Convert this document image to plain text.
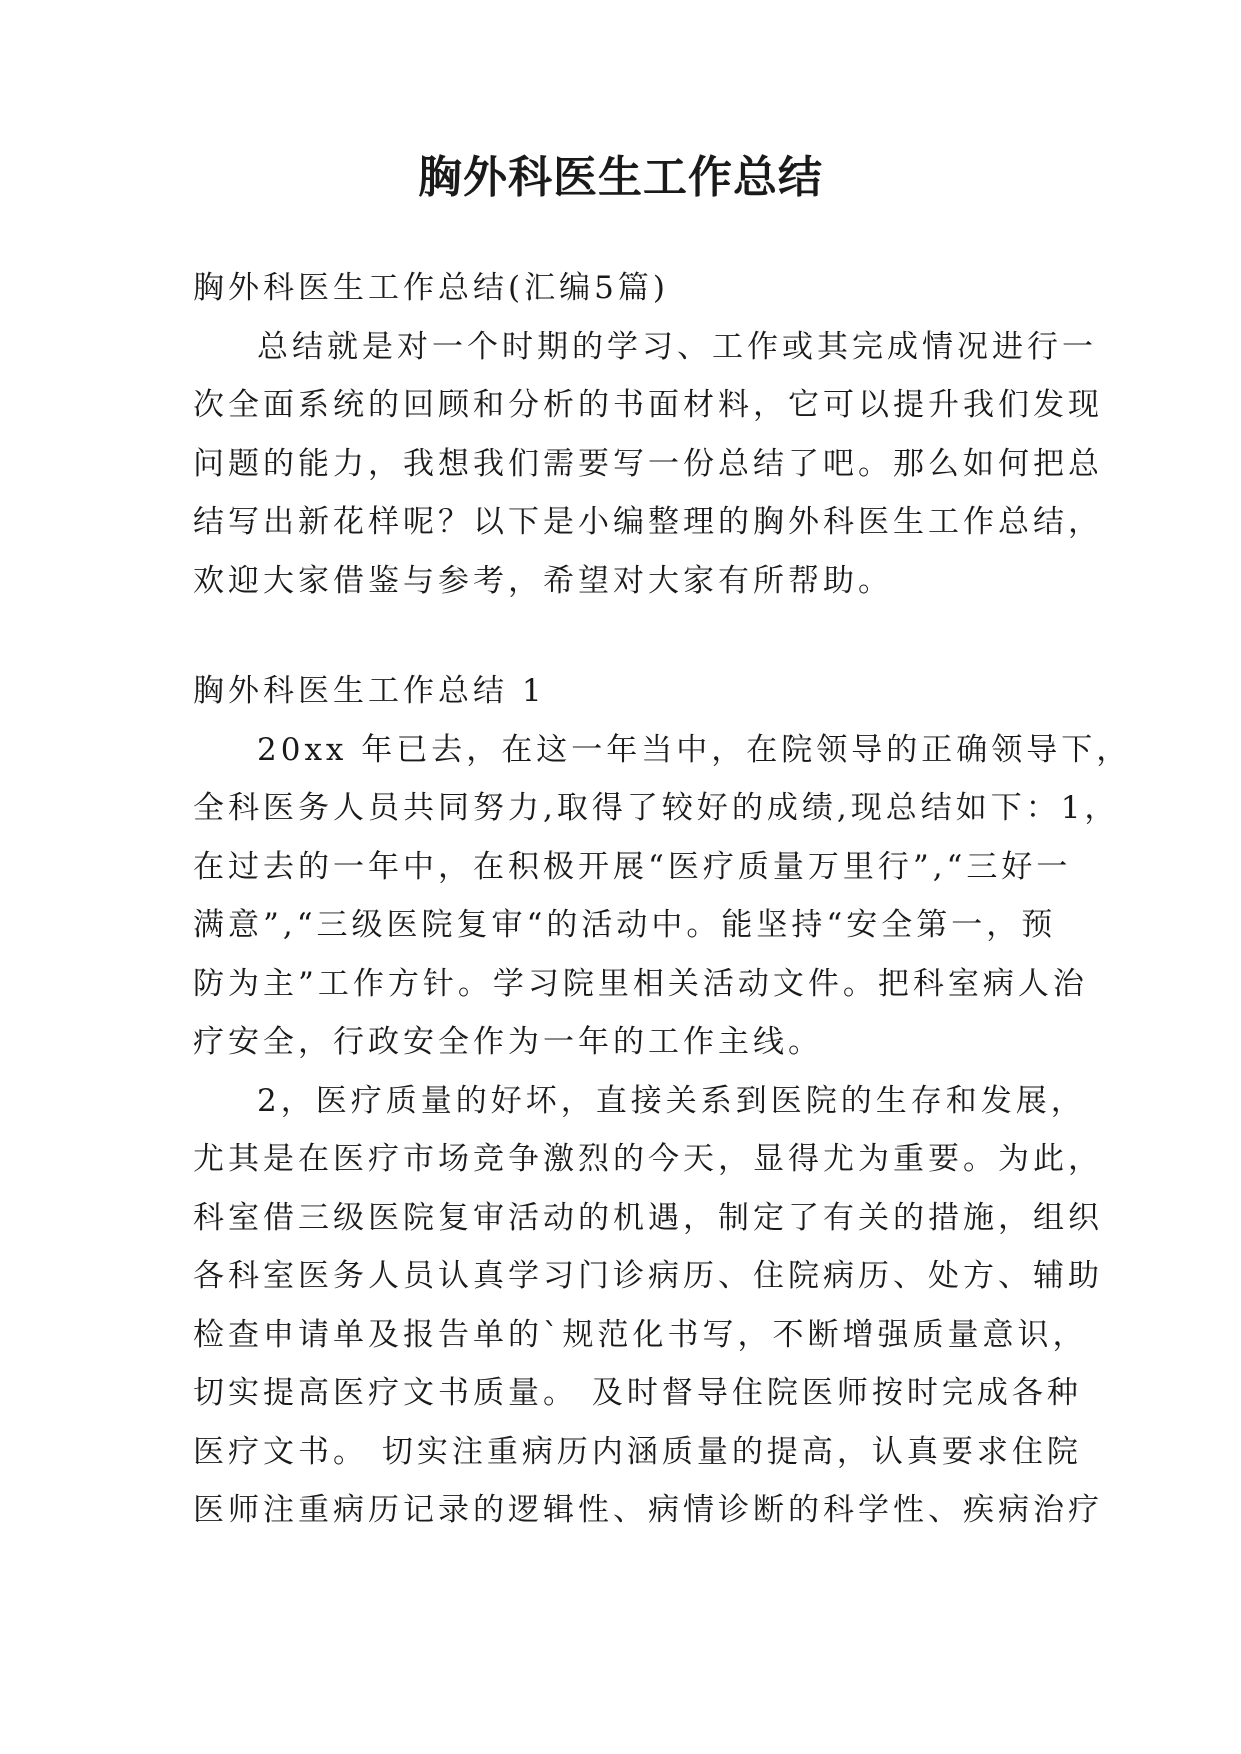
胸外科医生工作总结

胸外科医生工作总结(汇编5篇)

总结就是对一个时期的学习、工作或其完成情况进行一

次全面系统的回顾和分析的书面材料，它可以提升我们发现

问题的能力，我想我们需要写一份总结了吧。那么如何把总

结写出新花样呢？以下是小编整理的胸外科医生工作总结，

欢迎大家借鉴与参考，希望对大家有所帮助。

胸外科医生工作总结 1

20xx 年已去，在这一年当中，在院领导的正确领导下，

全科医务人员共同努力,取得了较好的成绩,现总结如下：1，

在过去的一年中，在积极开展“医疗质量万里行”,“三好一

满意”,“三级医院复审“的活动中。能坚持“安全第一，预

防为主”工作方针。学习院里相关活动文件。把科室病人治

疗安全，行政安全作为一年的工作主线。

2，医疗质量的好坏，直接关系到医院的生存和发展，

尤其是在医疗市场竞争激烈的今天，显得尤为重要。为此，

科室借三级医院复审活动的机遇，制定了有关的措施，组织

各科室医务人员认真学习门诊病历、住院病历、处方、辅助

检查申请单及报告单的`规范化书写，不断增强质量意识，

切实提高医疗文书质量。 及时督导住院医师按时完成各种

医疗文书。 切实注重病历内涵质量的提高，认真要求住院

医师注重病历记录的逻辑性、病情诊断的科学性、疾病治疗
